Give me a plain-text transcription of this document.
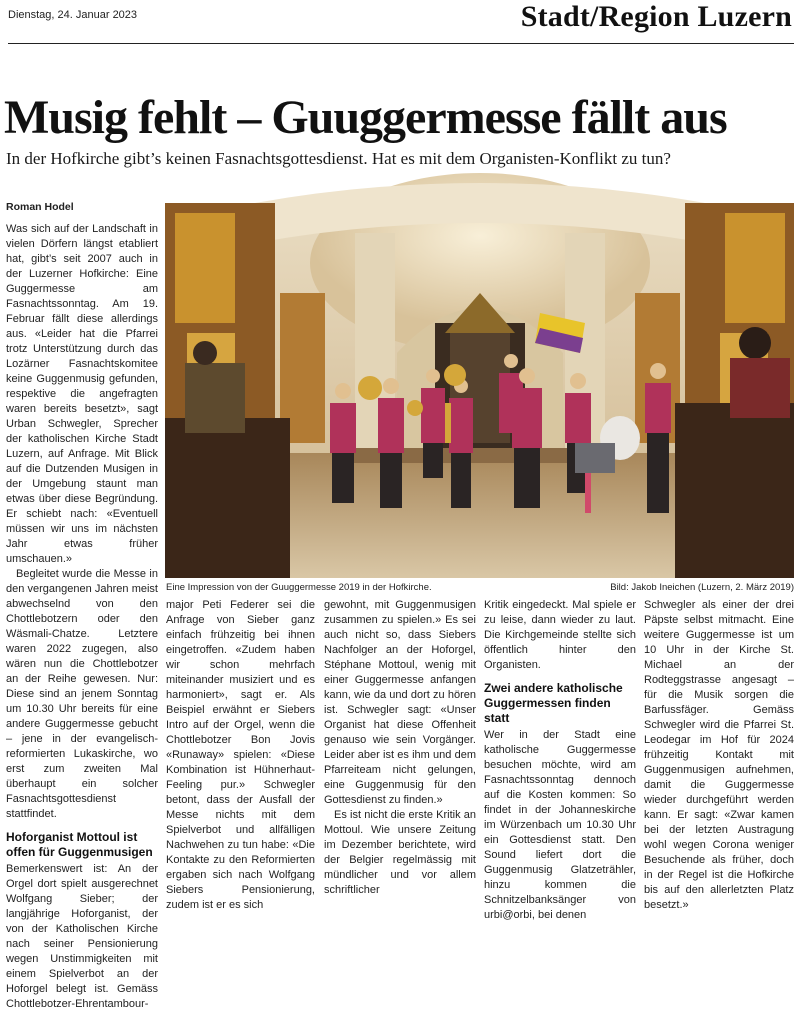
Dienstag, 24. Januar 2023	Stadt/Region Luzern
Musig fehlt – Guuggermesse fällt aus
In der Hofkirche gibt’s keinen Fasnachtsgottesdienst. Hat es mit dem Organisten-Konflikt zu tun?
Roman Hodel

Was sich auf der Landschaft in vielen Dörfern längst etabliert hat, gibt’s seit 2007 auch in der Luzerner Hofkirche: Eine Guggermesse am Fasnachtssonntag. Am 19. Februar fällt diese allerdings aus. «Leider hat die Pfarrei trotz Unterstützung durch das Lozärner Fasnachtskomitee keine Guggenmusig gefunden, respektive die angefragten waren bereits besetzt», sagt Urban Schwegler, Sprecher der katholischen Kirche Stadt Luzern, auf Anfrage. Mit Blick auf die Dutzenden Musigen in der Umgebung staunt man etwas über diese Begründung. Er schiebt nach: «Eventuell müssen wir uns im nächsten Jahr etwas früher umschauen.»

Begleitet wurde die Messe in den vergangenen Jahren meist abwechselnd von den Chottlebotzern oder den Wäsmali-Chatze. Letztere waren 2022 zugegen, also wären nun die Chottlebotzer an der Reihe gewesen. Nur: Diese sind an jenem Sonntag um 10.30 Uhr bereits für eine andere Guggermesse gebucht – jene in der evangelisch-reformierten Lukaskirche, wo erst zum zweiten Mal überhaupt ein solcher Fasnachtsgottesdienst stattfindet.

Hoforganist Mottoul ist offen für Guggenmusigen

Bemerkenswert ist: An der Orgel dort spielt ausgerechnet Wolfgang Sieber; der langjährige Hoforganist, der von der Katholischen Kirche nach seiner Pensionierung wegen Unstimmigkeiten mit einem Spielverbot an der Hoforgel belegt ist. Gemäss Chottlebotzer-Ehrentambour-

Eine Impression von der Guuggermesse 2019 in der Hofkirche.	Bild: Jakob Ineichen (Luzern, 2. März 2019)

major Peti Federer sei die Anfrage von Sieber ganz einfach frühzeitig bei ihnen eingetroffen. «Zudem haben wir schon mehrfach miteinander musiziert und es harmoniert», sagt er. Als Beispiel erwähnt er Siebers Intro auf der Orgel, wenn die Chottlebotzer Bon Jovis «Runaway» spielen: «Diese Kombination ist Hühnerhaut-Feeling pur.» Schwegler betont, dass der Ausfall der Messe nichts mit dem Spielverbot und allfälligen Nachwehen zu tun habe: «Die Kontakte zu den Reformierten ergaben sich nach Wolfgang Siebers Pensionierung, zudem ist er es sich

gewohnt, mit Guggenmusigen zusammen zu spielen.» Es sei auch nicht so, dass Siebers Nachfolger an der Hoforgel, Stéphane Mottoul, wenig mit einer Guggermesse anfangen kann, wie da und dort zu hören ist. Schwegler sagt: «Unser Organist hat diese Offenheit genauso wie sein Vorgänger. Leider aber ist es ihm und dem Pfarreiteam nicht gelungen, eine Guggenmusig für den Gottesdienst zu finden.»

Es ist nicht die erste Kritik an Mottoul. Wie unsere Zeitung im Dezember berichtete, wird der Belgier regelmässig mit mündlicher und vor allem schriftlicher

Kritik eingedeckt. Mal spiele er zu leise, dann wieder zu laut. Die Kirchgemeinde stellte sich öffentlich hinter den Organisten.

Zwei andere katholische Guggermessen finden statt

Wer in der Stadt eine katholische Guggermesse besuchen möchte, wird am Fasnachtssonntag dennoch auf die Kosten kommen: So findet in der Johanneskirche im Würzenbach um 10.30 Uhr ein Gottesdienst statt. Den Sound liefert dort die Guggenmusig Glatzeträhler, hinzu kommen die Schnitzelbanksänger von urbi@orbi, bei denen

Schwegler als einer der drei Päpste selbst mitmacht. Eine weitere Guggermesse ist um 10 Uhr in der Kirche St. Michael an der Rodteggstrasse angesagt – für die Musik sorgen die Barfussfäger. Gemäss Schwegler wird die Pfarrei St. Leodegar im Hof für 2024 frühzeitig Kontakt mit Guggenmusigen aufnehmen, damit die Guggermesse wieder durchgeführt werden kann. Er sagt: «Zwar kamen bei der letzten Austragung wohl wegen Corona weniger Besuchende als früher, doch in der Regel ist die Hofkirche bis auf den allerletzten Platz besetzt.»
